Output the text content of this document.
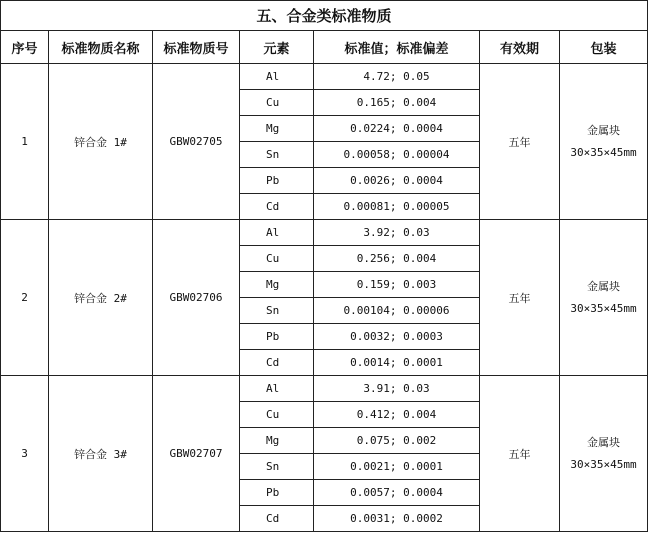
五、合金类标准物质						
序号	标准物质名称	标准物质号	元素	标准值；标准偏差	有效期	包装
1	锌合金 1#	GBW02705	Al	4.72; 0.05	五年	金属块 30×35×45mm
			Cu	0.165; 0.004		
			Mg	0.0224; 0.0004		
			Sn	0.00058; 0.00004		
			Pb	0.0026; 0.0004		
			Cd	0.00081; 0.00005		
2	锌合金 2#	GBW02706	Al	3.92; 0.03	五年	金属块 30×35×45mm
			Cu	0.256; 0.004		
			Mg	0.159; 0.003		
			Sn	0.00104; 0.00006		
			Pb	0.0032; 0.0003		
			Cd	0.0014; 0.0001		
3	锌合金 3#	GBW02707	Al	3.91; 0.03	五年	金属块 30×35×45mm
			Cu	0.412; 0.004		
			Mg	0.075; 0.002		
			Sn	0.0021; 0.0001		
			Pb	0.0057; 0.0004		
			Cd	0.0031; 0.0002		
